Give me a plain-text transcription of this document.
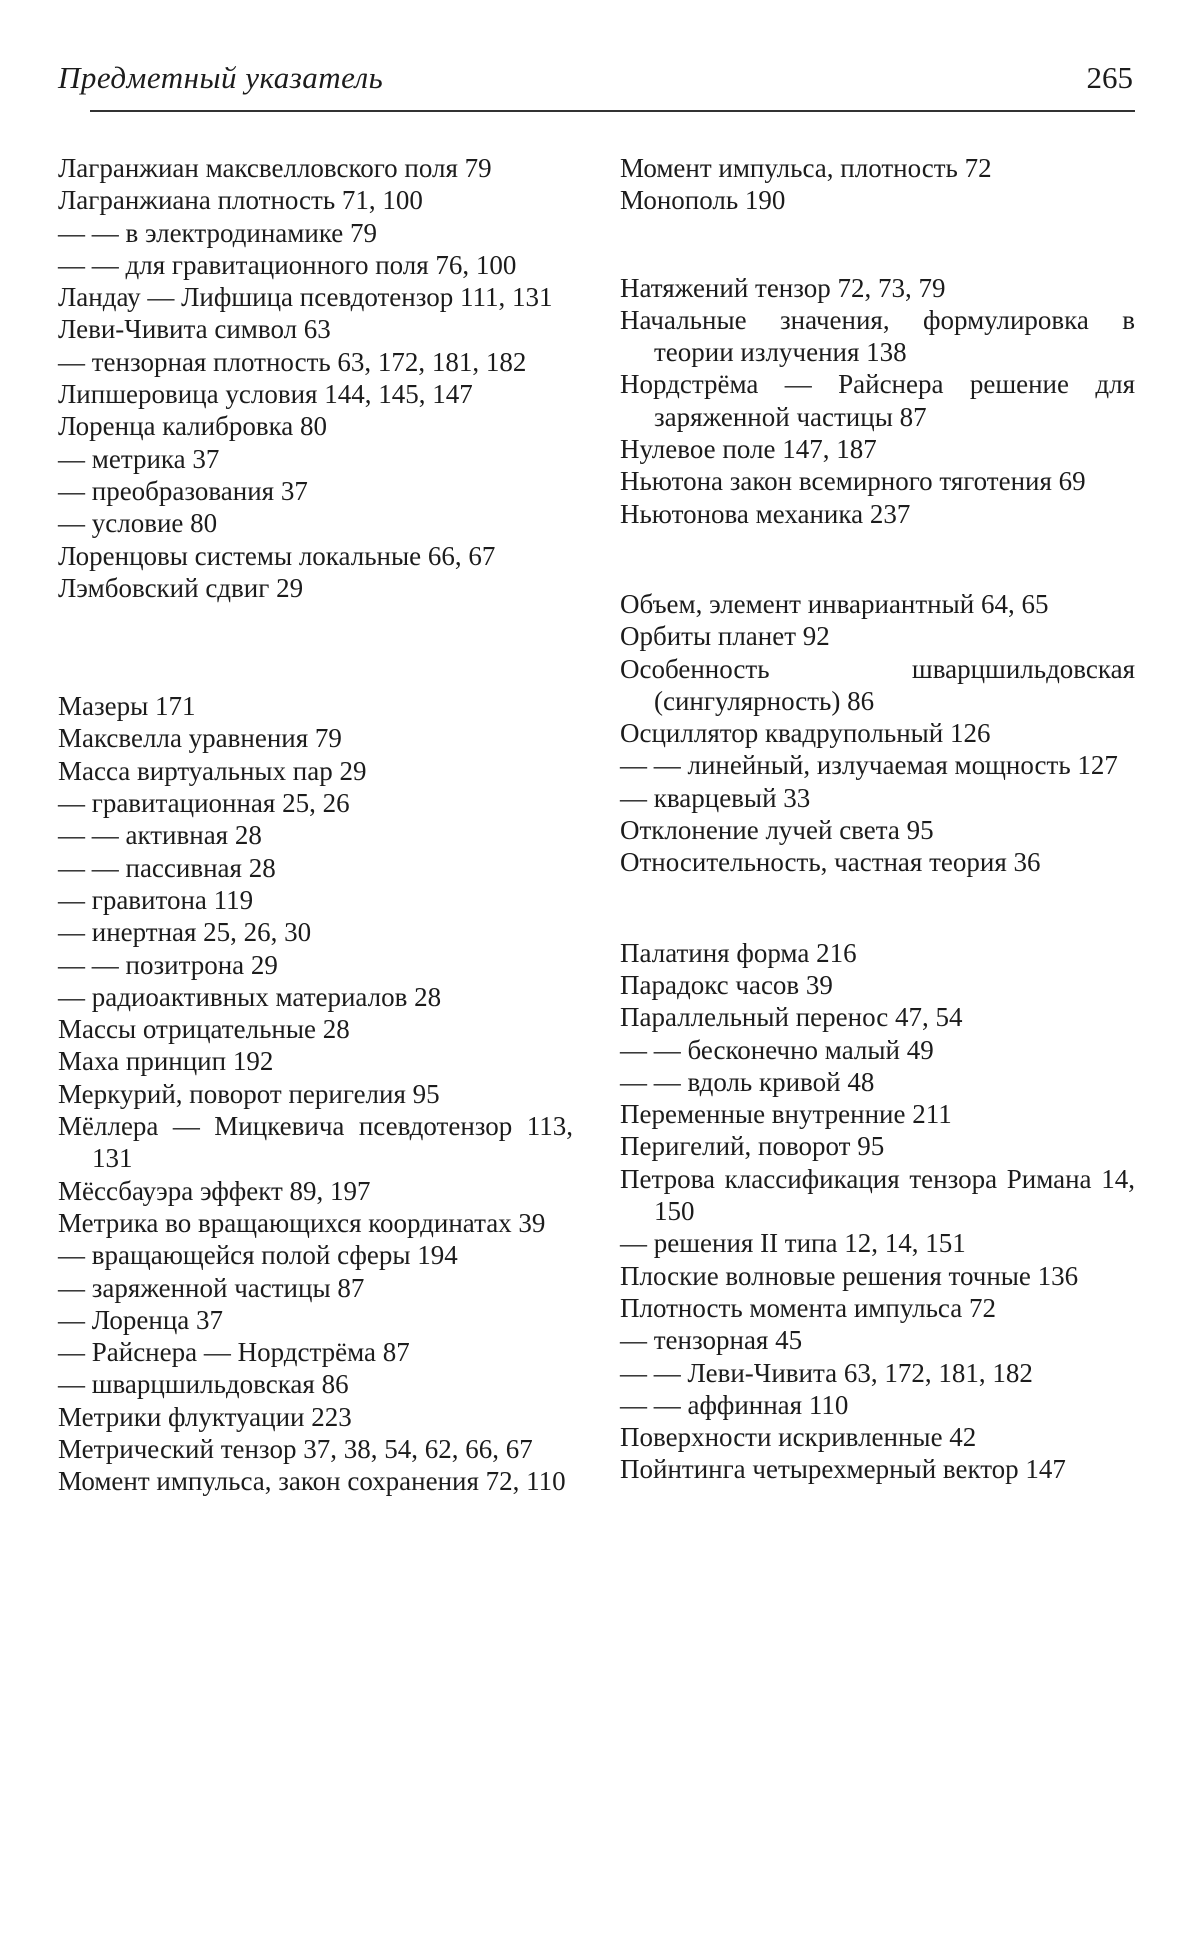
Предметный указатель	265
Лагранжиан максвелловского поля 79
Лагранжиана плотность 71, 100
— — в электродинамике 79
— — для гравитационного поля 76, 100
Ландау — Лифшица псевдотензор 111, 131
Леви-Чивита символ 63
— тензорная плотность 63, 172, 181, 182
Липшеровица условия 144, 145, 147
Лоренца калибровка 80
— метрика 37
— преобразования 37
— условие 80
Лоренцовы системы локальные 66, 67
Лэмбовский сдвиг 29
Мазеры 171
Максвелла уравнения 79
Масса виртуальных пар 29
— гравитационная 25, 26
— — активная 28
— — пассивная 28
— гравитона 119
— инертная 25, 26, 30
— — позитрона 29
— радиоактивных материалов 28
Массы отрицательные 28
Маха принцип 192
Меркурий, поворот перигелия 95
Мёллера — Мицкевича псевдотензор 113, 131
Мёссбауэра эффект 89, 197
Метрика во вращающихся координатах 39
— вращающейся полой сферы 194
— заряженной частицы 87
— Лоренца 37
— Райснера — Нордстрёма 87
— шварцшильдовская 86
Метрики флуктуации 223
Метрический тензор 37, 38, 54, 62, 66, 67
Момент импульса, закон сохранения 72, 110
Момент импульса, плотность 72
Монополь 190
Натяжений тензор 72, 73, 79
Начальные значения, формулировка в теории излучения 138
Нордстрёма — Райснера решение для заряженной частицы 87
Нулевое поле 147, 187
Ньютона закон всемирного тяготения 69
Ньютонова механика 237
Объем, элемент инвариантный 64, 65
Орбиты планет 92
Особенность шварцшильдовская (сингулярность) 86
Осциллятор квадрупольный 126
— — линейный, излучаемая мощность 127
— кварцевый 33
Отклонение лучей света 95
Относительность, частная теория 36
Палатиня форма 216
Парадокс часов 39
Параллельный перенос 47, 54
— — бесконечно малый 49
— — вдоль кривой 48
Переменные внутренние 211
Перигелий, поворот 95
Петрова классификация тензора Римана 14, 150
— решения II типа 12, 14, 151
Плоские волновые решения точные 136
Плотность момента импульса 72
— тензорная 45
— — Леви-Чивита 63, 172, 181, 182
— — аффинная 110
Поверхности искривленные 42
Пойнтинга четырехмерный вектор 147
